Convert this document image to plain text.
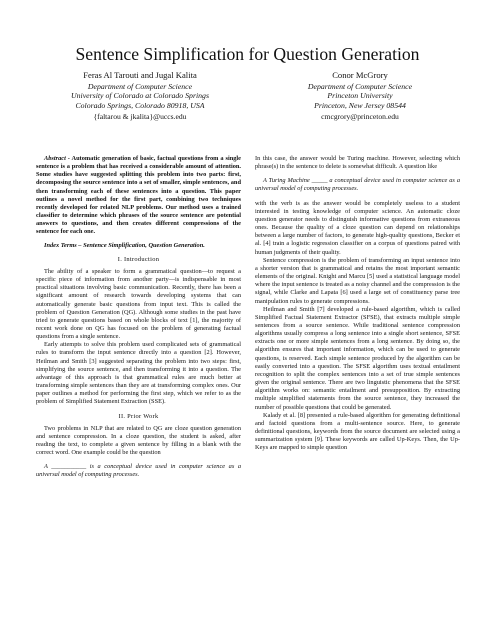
Sentence Simplification for Question Generation
Feras Al Tarouti and Jugal Kalita
Department of Computer Science
University of Colorado at Colorado Springs
Colorado Springs, Colorado 80918, USA
{faltarou & jkalita}@uccs.edu
Conor McGrory
Department of Computer Science
Princeton University
Princeton, New Jersey 08544
cmcgrory@princeton.edu

Abstract - Automatic generation of basic, factual questions from a single sentence is a problem that has received a considerable amount of attention. Some studies have suggested splitting this problem into two parts: first, decomposing the source sentence into a set of smaller, simple sentences, and then transforming each of these sentences into a question. This paper outlines a novel method for the first part, combining two techniques recently developed for related NLP problems. Our method uses a trained classifier to determine which phrases of the source sentence are potential answers to questions, and then creates different compressions of the sentence for each one.

Index Terms – Sentence Simplification, Question Generation.

I. Introduction

The ability of a speaker to form a grammatical question—to request a specific piece of information from another party—is indispensable in most practical situations involving basic communication. Recently, there has been a significant amount of research towards developing systems that can automatically generate basic questions from input text. This is called the problem of Question Generation (QG). Although some studies in the past have tried to generate questions based on whole blocks of text [1], the majority of recent work done on QG has focused on the problem of generating factual questions from a single sentence.

Early attempts to solve this problem used complicated sets of grammatical rules to transform the input sentence directly into a question [2]. However, Heilman and Smith [3] suggested separating the problem into two steps: first, simplifying the source sentence, and then transforming it into a question. The advantage of this approach is that grammatical rules are much better at transforming simple sentences than they are at transforming complex ones. Our paper outlines a method for performing the first step, which we refer to as the problem of Simplified Statement Extraction (SSE).

II. Prior Work

Two problems in NLP that are related to QG are cloze question generation and sentence compression. In a cloze question, the student is asked, after reading the text, to complete a given sentence by filling in a blank with the correct word. One example could be the question

A ___________ is a conceptual device used in computer science as a universal model of computing processes.

In this case, the answer would be Turing machine. However, selecting which phrase(s) in the sentence to delete is somewhat difficult. A question like

A Turing Machine _____ a conceptual device used in computer science as a universal model of computing processes.

with the verb is as the answer would be completely useless to a student interested in testing knowledge of computer science. An automatic cloze question generator needs to distinguish informative questions from extraneous ones. Because the quality of a cloze question can depend on relationships between a large number of factors, to generate high-quality questions, Becker et al. [4] train a logistic regression classifier on a corpus of questions paired with human judgments of their quality.

Sentence compression is the problem of transforming an input sentence into a shorter version that is grammatical and retains the most important semantic elements of the original. Knight and Marcu [5] used a statistical language model where the input sentence is treated as a noisy channel and the compression is the signal, while Clarke and Lapata [6] used a large set of constituency parse tree manipulation rules to generate compressions.

Heilman and Smith [7] developed a rule-based algorithm, which is called Simplified Factual Statement Extractor (SFSE), that extracts multiple simple sentences from a source sentence. While traditional sentence compression algorithms usually compress a long sentence into a single short sentence, SFSE extracts one or more simple sentences from a long sentence. By doing so, the algorithm ensures that important information, which can be used to generate questions, is reserved. Each simple sentence produced by the algorithm can be easily converted into a question. The SFSE algorithm uses textual entailment recognition to split the complex sentences into a set of true simple sentences given the original sentence. There are two linguistic phenomena that the SFSE algorithm works on: semantic entailment and presupposition. By extracting multiple simplified statements from the source sentence, they increased the number of possible questions that could be generated.

Kalady et al. [8] presented a rule-based algorithm for generating definitional and factoid questions from a multi-sentence source. Here, to generate definitional questions, keywords from the source document are selected using a summarization system [9]. These keywords are called Up-Keys. Then, the Up-Keys are mapped to simple question
